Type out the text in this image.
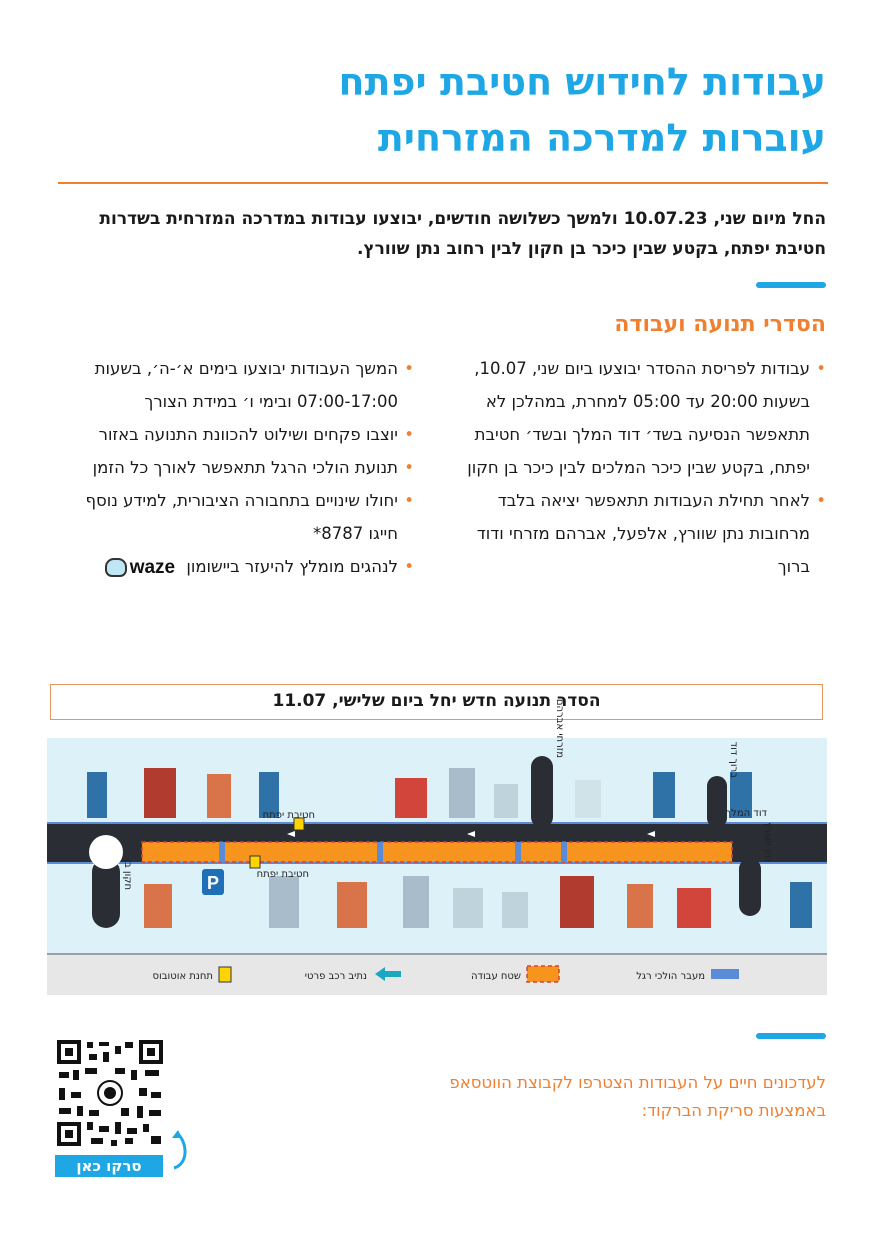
עבודות לחידוש חטיבת יפתח
עוברות למדרכה המזרחית
החל מיום שני, 10.07.23 ולמשך כשלושה חודשים, יבוצעו עבודות במדרכה המזרחית בשדרות חטיבת יפתח, בקטע שבין כיכר בן חקון לבין רחוב נתן שוורץ.
הסדרי תנועה ועבודה
• עבודות לפריסת ההסדר יבוצעו ביום שני, 10.07, בשעות 20:00 עד 05:00 למחרת, במהלכן לא תתאפשר הנסיעה בשד׳ דוד המלך ובשד׳ חטיבת יפתח, בקטע שבין כיכר המלכים לבין כיכר בן חקון
• לאחר תחילת העבודות תתאפשר יציאה בלבד מרחובות נתן שוורץ, אלפעל, אברהם מזרחי ודוד ברוך
• המשך העבודות יבוצעו בימים א׳-ה׳, בשעות 07:00-17:00 ובימי ו׳ במידת הצורך
• יוצבו פקחים ושילוט להכוונת התנועה באזור
• תנועת הולכי הרגל תתאפשר לאורך כל הזמן
• יחולו שינויים בתחבורה הציבורית, למידע נוסף חייגו 8787*
• לנהגים מומלץ להיעזר ביישומון
waze
הסדר תנועה חדש יחל ביום שלישי, 11.07
P
חטיבת יפתח
חטיבת יפתח
דוד המלך
חקון בן
מזרחי אברהם
ברוך דוד
נתן שוורץ
מעבר הולכי רגל
שטח עבודה
נתיב רכב פרטי
תחנת אוטובוס
סרקו כאן
לעדכונים חיים על העבודות הצטרפו לקבוצת הווטסאפ באמצעות סריקת הברקוד:
